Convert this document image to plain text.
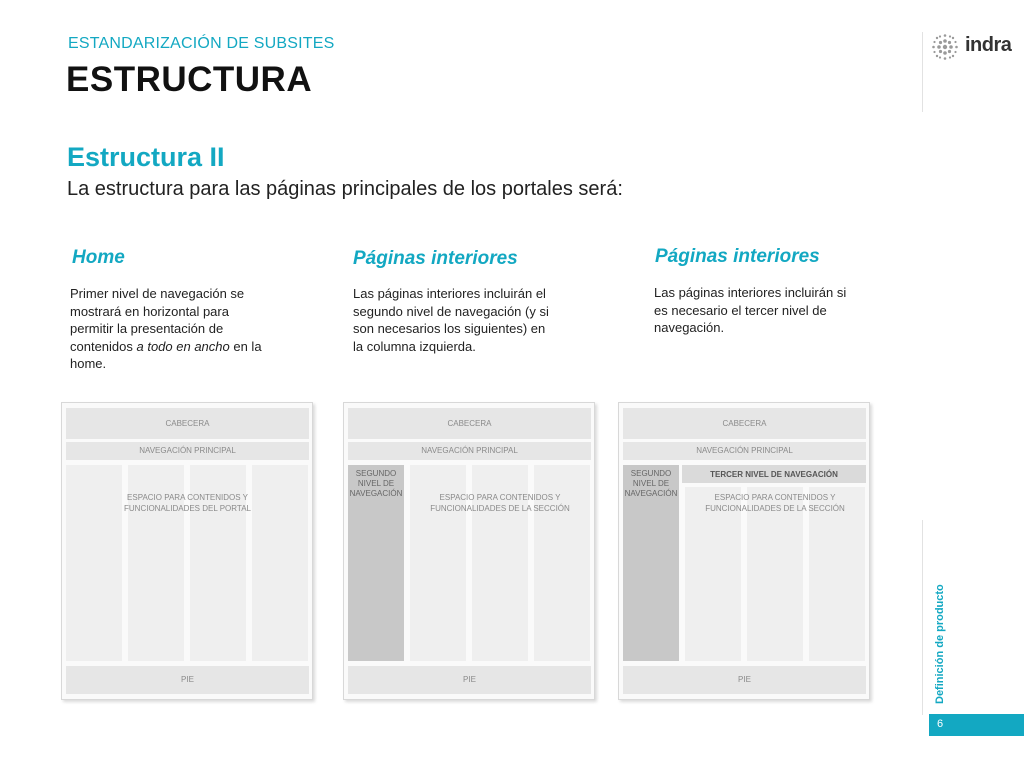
ESTANDARIZACIÓN DE SUBSITES
ESTRUCTURA
indra
Estructura II
La estructura para las páginas principales de los portales será:
Home
Primer nivel de navegación se
mostrará en horizontal para
permitir la presentación de
contenidos a todo en ancho en la
home.
Páginas interiores
Las páginas interiores incluirán el
segundo nivel de navegación (y si
son necesarios los siguientes) en
la columna izquierda.
Páginas interiores
Las páginas interiores incluirán si
es necesario el tercer nivel de
navegación.
CABECERA
NAVEGACIÓN PRINCIPAL
ESPACIO PARA CONTENIDOS Y
FUNCIONALIDADES DEL PORTAL
PIE
CABECERA
NAVEGACIÓN PRINCIPAL
SEGUNDO
NIVEL DE
NAVEGACIÓN	ESPACIO PARA CONTENIDOS Y
FUNCIONALIDADES DE LA SECCIÓN
PIE
CABECERA
NAVEGACIÓN PRINCIPAL
SEGUNDO
NIVEL DE
NAVEGACIÓN
TERCER NIVEL DE NAVEGACIÓN
ESPACIO PARA CONTENIDOS Y
FUNCIONALIDADES DE LA SECCIÓN
PIE	Definición de producto
6
